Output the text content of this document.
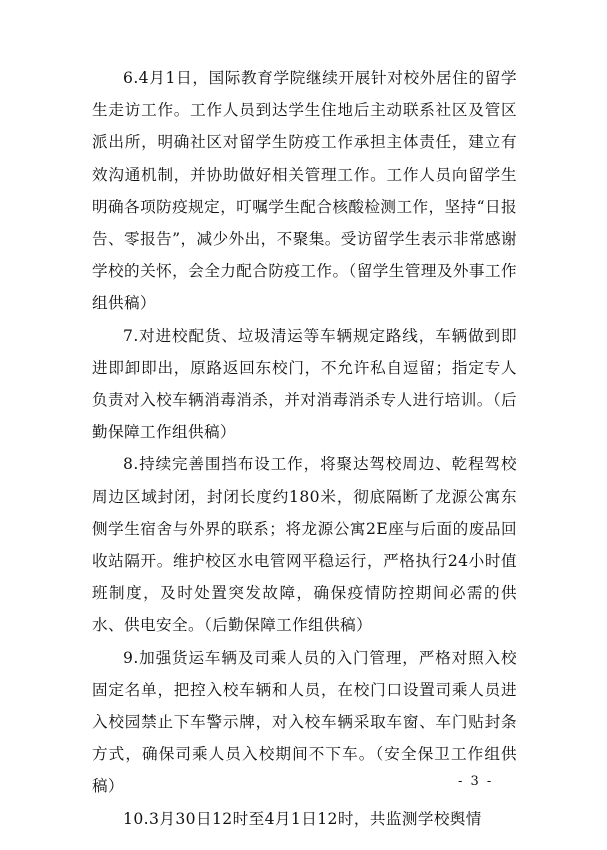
6.4月1日，国际教育学院继续开展针对校外居住的留学生走访工作。工作人员到达学生住地后主动联系社区及管区派出所，明确社区对留学生防疫工作承担主体责任，建立有效沟通机制，并协助做好相关管理工作。工作人员向留学生明确各项防疫规定，叮嘱学生配合核酸检测工作，坚持“日报告、零报告”，减少外出，不聚集。受访留学生表示非常感谢学校的关怀，会全力配合防疫工作。（留学生管理及外事工作组供稿）

7.对进校配货、垃圾清运等车辆规定路线，车辆做到即进即卸即出，原路返回东校门，不允许私自逗留；指定专人负责对入校车辆消毒消杀，并对消毒消杀专人进行培训。（后勤保障工作组供稿）

8.持续完善围挡布设工作，将聚达驾校周边、乾程驾校周边区域封闭，封闭长度约180米，彻底隔断了龙源公寓东侧学生宿舍与外界的联系；将龙源公寓2E座与后面的废品回收站隔开。维护校区水电管网平稳运行，严格执行24小时值班制度，及时处置突发故障，确保疫情防控期间必需的供水、供电安全。（后勤保障工作组供稿）

9.加强货运车辆及司乘人员的入门管理，严格对照入校固定名单，把控入校车辆和人员，在校门口设置司乘人员进入校园禁止下车警示牌，对入校车辆采取车窗、车门贴封条方式，确保司乘人员入校期间不下车。（安全保卫工作组供稿）

10.3月30日12时至4月1日12时，共监测学校舆情

- 3 -
